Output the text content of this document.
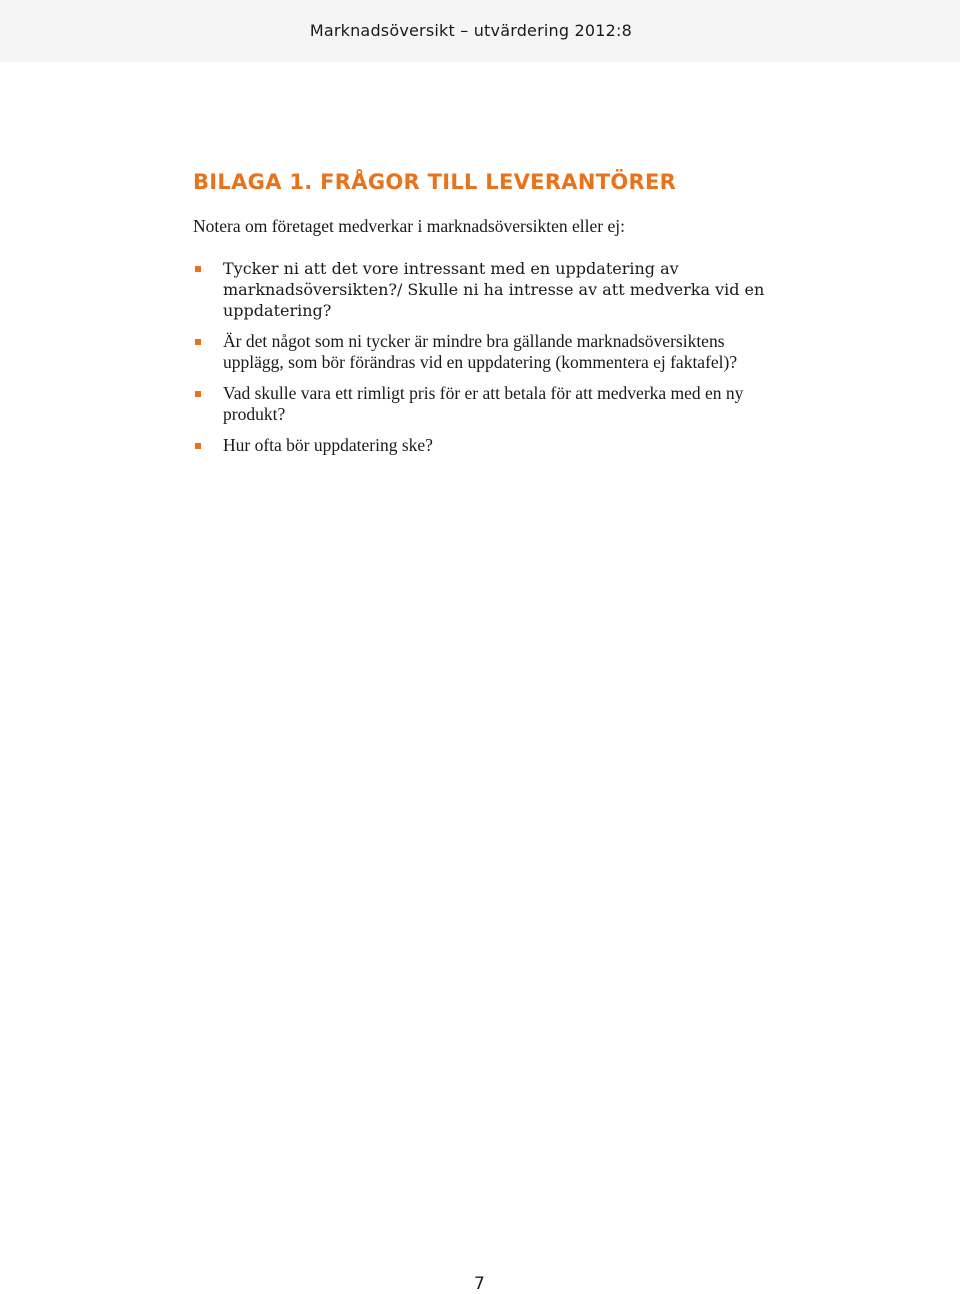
Marknadsöversikt – utvärdering 2012:8
BILAGA 1. FRÅGOR TILL LEVERANTÖRER

Notera om företaget medverkar i marknadsöversikten eller ej:

Tycker ni att det vore intressant med en uppdatering av marknadsöversikten?/ Skulle ni ha intresse av att medverka vid en uppdatering?
Är det något som ni tycker är mindre bra gällande marknadsöversiktens upplägg, som bör förändras vid en uppdatering (kommentera ej faktafel)?
Vad skulle vara ett rimligt pris för er att betala för att medverka med en ny produkt?
Hur ofta bör uppdatering ske?
7
